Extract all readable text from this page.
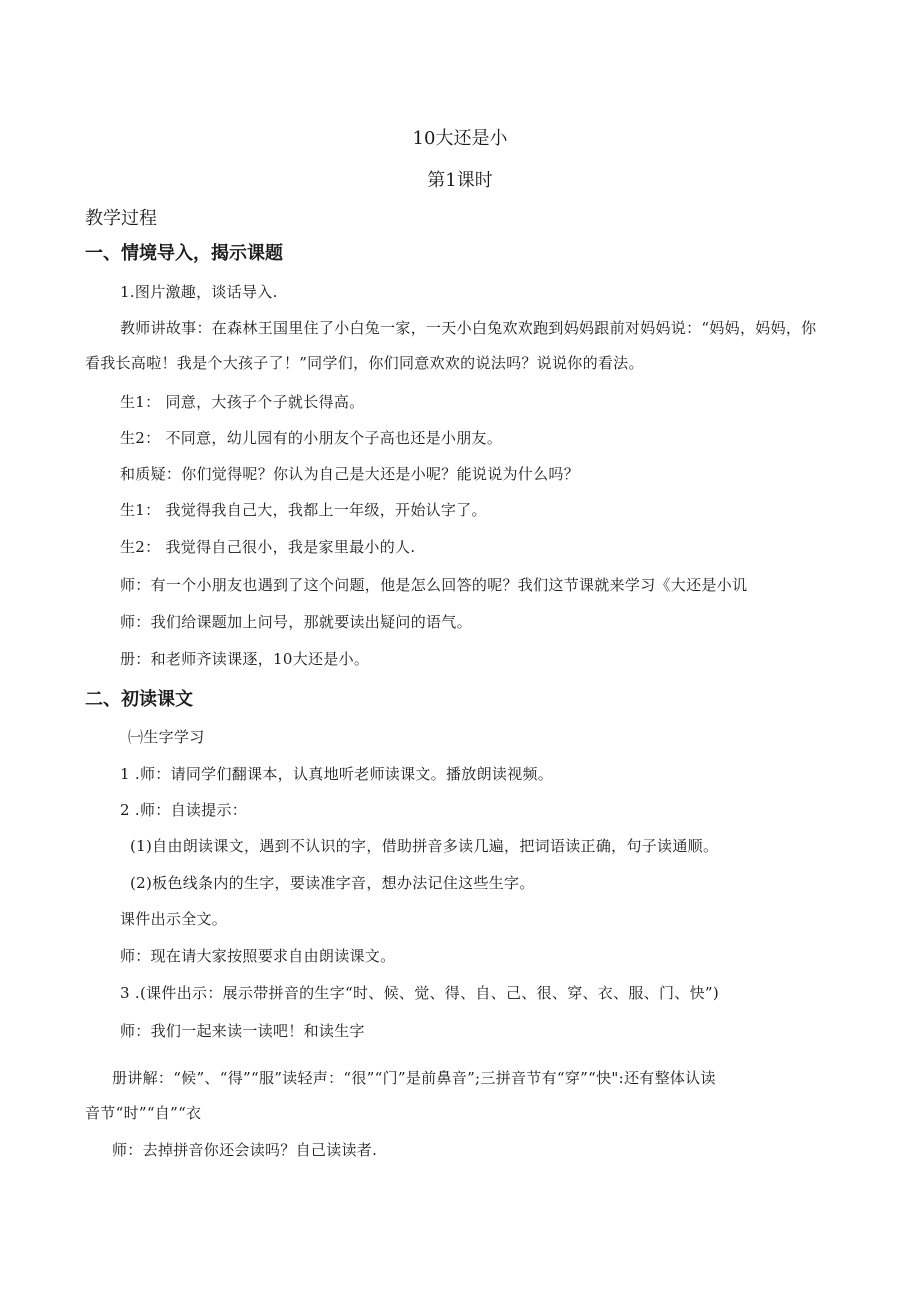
10大还是小
第1课时
教学过程
一、情境导入，揭示课题
1.图片激趣，谈话导入.
教师讲故事：在森林王国里住了小白兔一家，一天小白兔欢欢跑到妈妈跟前对妈妈说：“妈妈，妈妈，你
看我长高啦！我是个大孩子了！”同学们，你们同意欢欢的说法吗？说说你的看法。
生1： 同意，大孩子个子就长得高。
生2： 不同意，幼儿园有的小朋友个子高也还是小朋友。
和质疑：你们觉得呢？你认为自己是大还是小呢？能说说为什么吗？
生1： 我觉得我自己大，我都上一年级，开始认字了。
生2： 我觉得自己很小，我是家里最小的人.
师：有一个小朋友也遇到了这个问题，他是怎么回答的呢？我们这节课就来学习《大还是小讥
师：我们给课题加上问号，那就要读出疑问的语气。
册：和老师齐读课逐，10大还是小。
二、初读课文
㈠生字学习
1 .师：请同学们翻课本，认真地听老师读课文。播放朗读视频。
2 .师：自读提示：
(1)自由朗读课文，遇到不认识的字，借助拼音多读几遍，把词语读正确，句子读通顺。
(2)板色线条内的生字，要读准字音，想办法记住这些生字。
课件出示全文。
师：现在请大家按照要求自由朗读课文。
3 .(课件出示：展示带拼音的生字“时、候、觉、得、自、己、很、穿、衣、服、门、快”)
师：我们一起来读一读吧！和读生字
册讲解：“候”、“得”“服”读轻声：“很”“门”是前鼻音”;三拼音节有“穿”“快":还有整体认读
音节“时”“自”“衣
师：去掉拼音你还会读吗？自己读读者.
